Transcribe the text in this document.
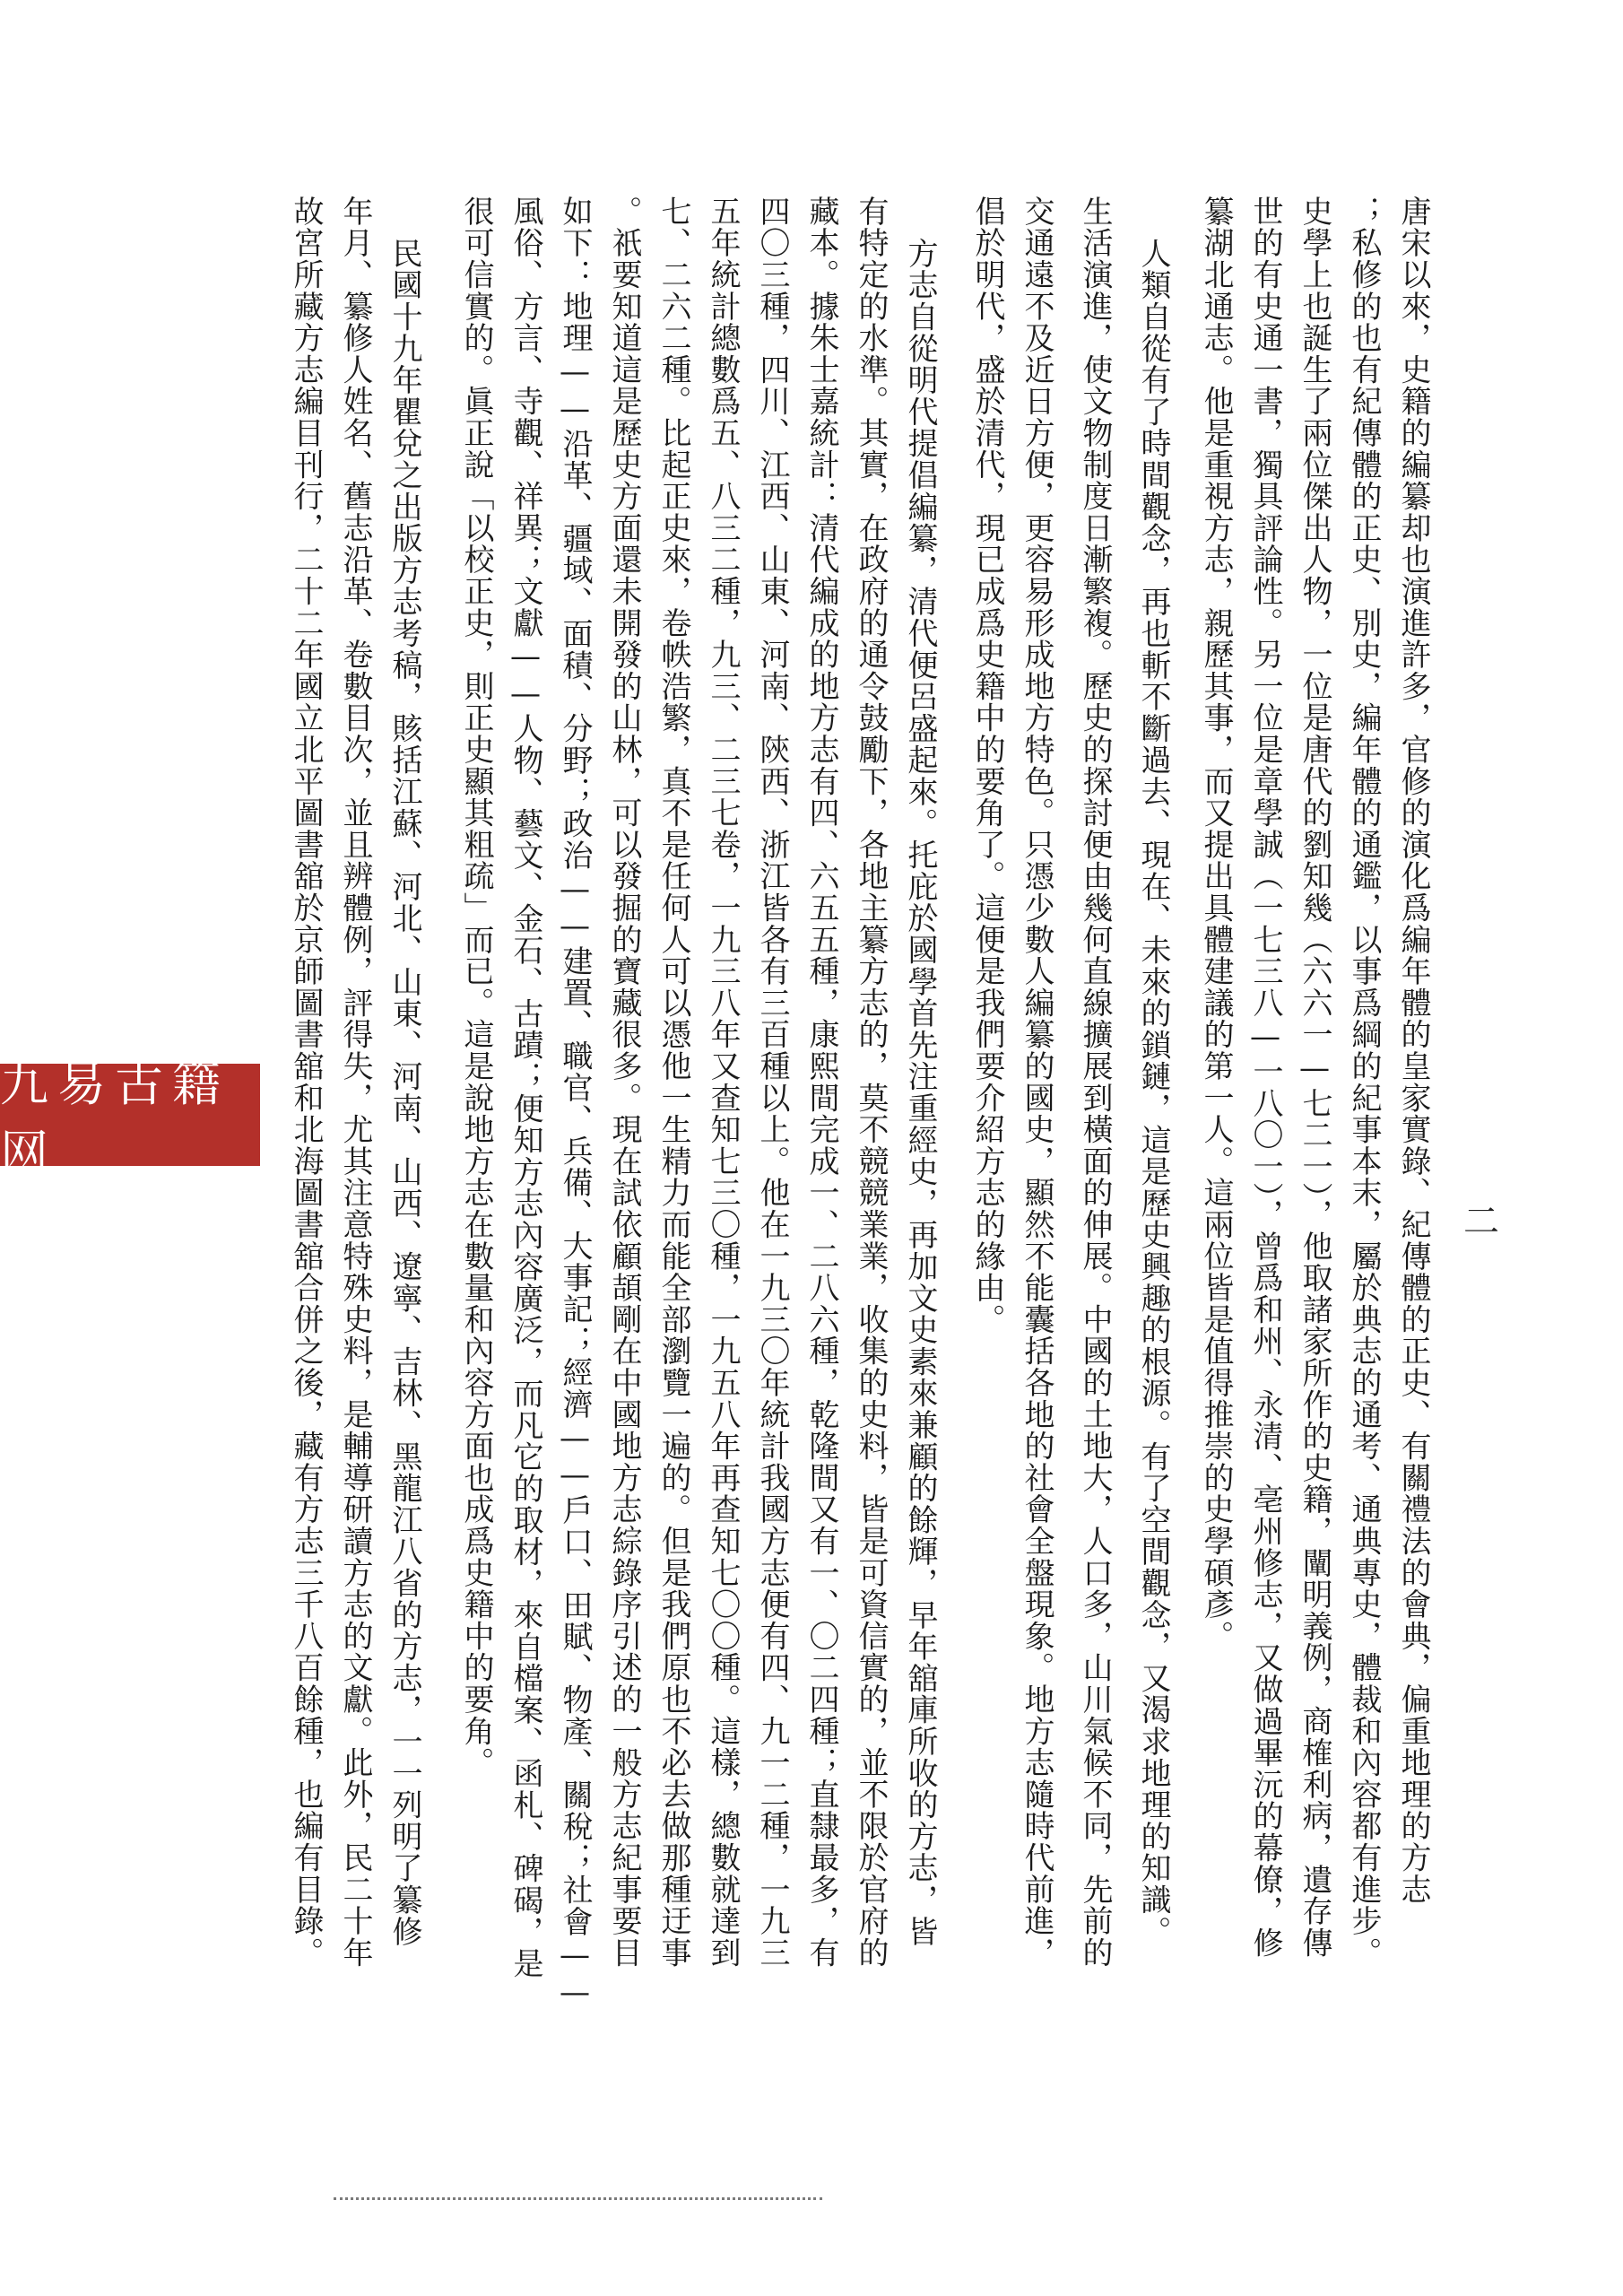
二
唐宋以來，史籍的編纂却也演進許多，官修的演化爲編年體的皇家實錄、紀傳體的正史、有關禮法的會典，偏重地理的方志
；私修的也有紀傳體的正史、別史，編年體的通鑑，以事爲綱的紀事本末，屬於典志的通考、通典專史，體裁和內容都有進步。
史學上也誕生了兩位傑出人物，一位是唐代的劉知幾（六六一—七二一），他取諸家所作的史籍，闡明義例，商榷利病，遺存傳
世的有史通一書，獨具評論性。另一位是章學誠（一七三八—一八〇一），曾爲和州、永清、亳州修志，又做過畢沅的幕僚，修
纂湖北通志。他是重視方志，親歷其事，而又提出具體建議的第一人。這兩位皆是值得推崇的史學碩彥。
人類自從有了時間觀念，再也斬不斷過去、現在、未來的鎖鏈，這是歷史興趣的根源。有了空間觀念，又渴求地理的知識。
生活演進，使文物制度日漸繁複。歷史的探討便由幾何直線擴展到橫面的伸展。中國的土地大，人口多，山川氣候不同，先前的
交通遠不及近日方便，更容易形成地方特色。只憑少數人編纂的國史，顯然不能囊括各地的社會全盤現象。地方志隨時代前進，
倡於明代，盛於清代，現已成爲史籍中的要角了。這便是我們要介紹方志的緣由。
方志自從明代提倡編纂，清代便呂盛起來。托庇於國學首先注重經史，再加文史素來兼顧的餘輝，早年舘庫所收的方志，皆
有特定的水準。其實，在政府的通令鼓勵下，各地主纂方志的，莫不競競業業，收集的史料，皆是可資信實的，並不限於官府的
藏本。據朱士嘉統計：清代編成的地方志有四、六五五種，康熙間完成一、二八六種，乾隆間又有一、〇二四種；直隸最多，有
四〇三種，四川、江西、山東、河南、陝西、浙江皆各有三百種以上。他在一九三〇年統計我國方志便有四、九一二種，一九三
五年統計總數爲五、八三二種，九三、二三七卷，一九三八年又查知七三〇種，一九五八年再查知七〇〇種。這樣，總數就達到
七、二六二種。比起正史來，卷帙浩繁，真不是任何人可以憑他一生精力而能全部瀏覽一遍的。但是我們原也不必去做那種迂事
。祇要知道這是歷史方面還未開發的山林，可以發掘的寶藏很多。現在試依顧頡剛在中國地方志綜錄序引述的一般方志紀事要目
如下：地理——沿革、疆域、面積、分野；政治——建置、職官、兵備、大事記；經濟——戶口、田賦、物產、關稅；社會——
風俗、方言、寺觀、祥異；文獻——人物、藝文、金石、古蹟；便知方志內容廣泛，而凡它的取材，來自檔案、函札、碑碣，是
很可信實的。眞正說「以校正史，則正史顯其粗疏」而已。這是說地方志在數量和內容方面也成爲史籍中的要角。
民國十九年瞿兌之出版方志考稿，賅括江蘇、河北、山東、河南、山西、遼寧、吉林、黑龍江八省的方志，一一列明了纂修
年月、纂修人姓名、舊志沿革、卷數目次，並且辨體例，評得失，尤其注意特殊史料，是輔導研讀方志的文獻。此外，民二十年
故宮所藏方志編目刊行，二十二年國立北平圖書舘於京師圖書舘和北海圖書舘合併之後，藏有方志三千八百餘種，也編有目錄。
九易古籍网
